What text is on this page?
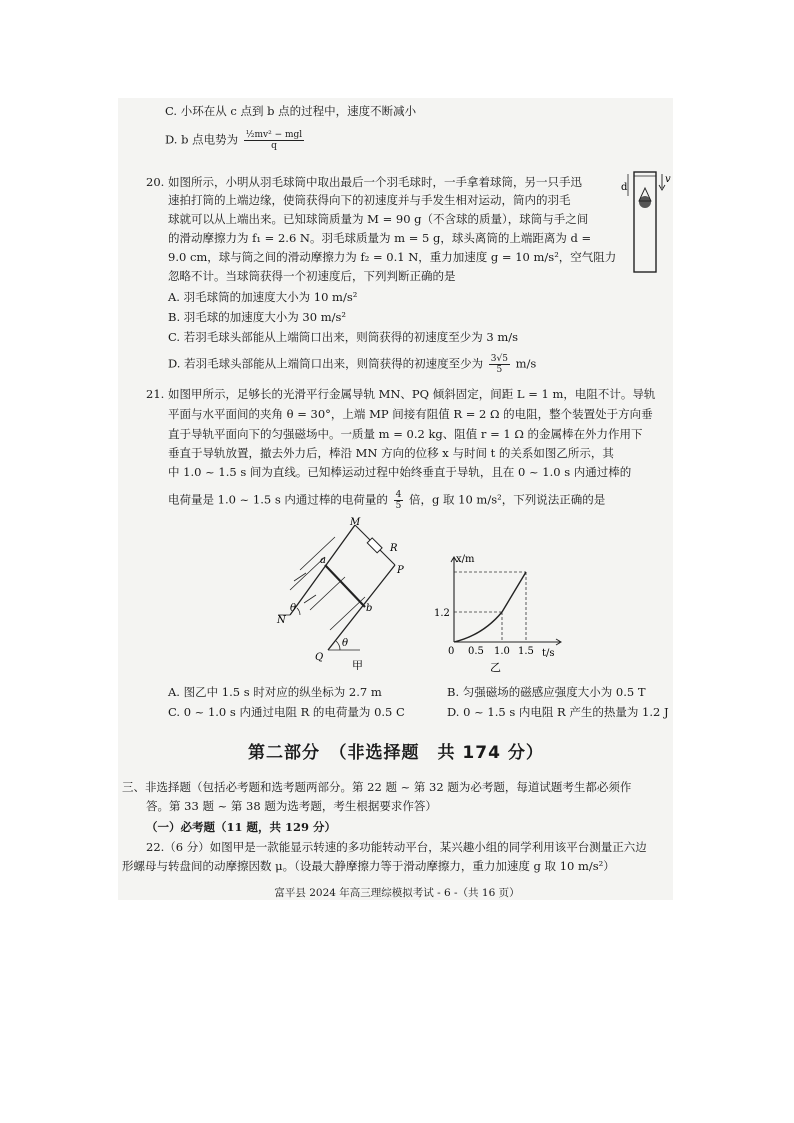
C. 小环在从 c 点到 b 点的过程中，速度不断减小
D. b 点电势为 $\frac{\text{½mv² − mgl}}{q}$
20. 如图所示，小明从羽毛球筒中取出最后一个羽毛球时，一手拿着球筒，另一只手迅
速拍打筒的上端边缘，使筒获得向下的初速度并与手发生相对运动，筒内的羽毛
球就可以从上端出来。已知球筒质量为 M = 90 g（不含球的质量），球筒与手之间
的滑动摩擦力为 f₁ = 2.6 N。羽毛球质量为 m = 5 g，球头离筒的上端距离为 d =
9.0 cm，球与筒之间的滑动摩擦力为 f₂ = 0.1 N，重力加速度 g = 10 m/s²，空气阻力
忽略不计。当球筒获得一个初速度后，下列判断正确的是
A. 羽毛球筒的加速度大小为 10 m/s²
B. 羽毛球的加速度大小为 30 m/s²
C. 若羽毛球头部能从上端筒口出来，则筒获得的初速度至少为 3 m/s
D. 若羽毛球头部能从上端筒口出来，则筒获得的初速度至少为 $\frac{3√5}{5} m/s$
d
v
21. 如图甲所示，足够长的光滑平行金属导轨 MN、PQ 倾斜固定，间距 L = 1 m，电阻不计。导轨
平面与水平面间的夹角 θ = 30°，上端 MP 间接有阻值 R = 2 Ω 的电阻，整个装置处于方向垂
直于导轨平面向下的匀强磁场中。一质量 m = 0.2 kg、阻值 r = 1 Ω 的金属棒在外力作用下
垂直于导轨放置，撤去外力后，棒沿 MN 方向的位移 x 与时间 t 的关系如图乙所示，其
中 1.0 ~ 1.5 s 间为直线。已知棒运动过程中始终垂直于导轨，且在 0 ~ 1.0 s 内通过棒的
电荷量是 1.0 ~ 1.5 s 内通过棒的电荷量的 $\frac{4}{5}$ 倍，g 取 10 m/s²，下列说法正确的是
M
N
P
Q
R
a
b
θ
θ
甲
x/m
t/s
1.2
0 0.5 1.0 1.5
乙
A. 图乙中 1.5 s 时对应的纵坐标为 2.7 m	B. 匀强磁场的磁感应强度大小为 0.5 T
C. 0 ~ 1.0 s 内通过电阻 R 的电荷量为 0.5 C	D. 0 ~ 1.5 s 内电阻 R 产生的热量为 1.2 J
第二部分　（非选择题　共 174 分）
三、非选择题（包括必考题和选考题两部分。第 22 题 ~ 第 32 题为必考题，每道试题考生都必须作
答。第 33 题 ~ 第 38 题为选考题，考生根据要求作答）
（一）必考题（11 题，共 129 分）
22.（6 分）如图甲是一款能显示转速的多功能转动平台，某兴趣小组的同学利用该平台测量正六边
形螺母与转盘间的动摩擦因数 μ。（设最大静摩擦力等于滑动摩擦力，重力加速度 g 取 10 m/s²）
富平县 2024 年高三理综模拟考试 - 6 -（共 16 页）
